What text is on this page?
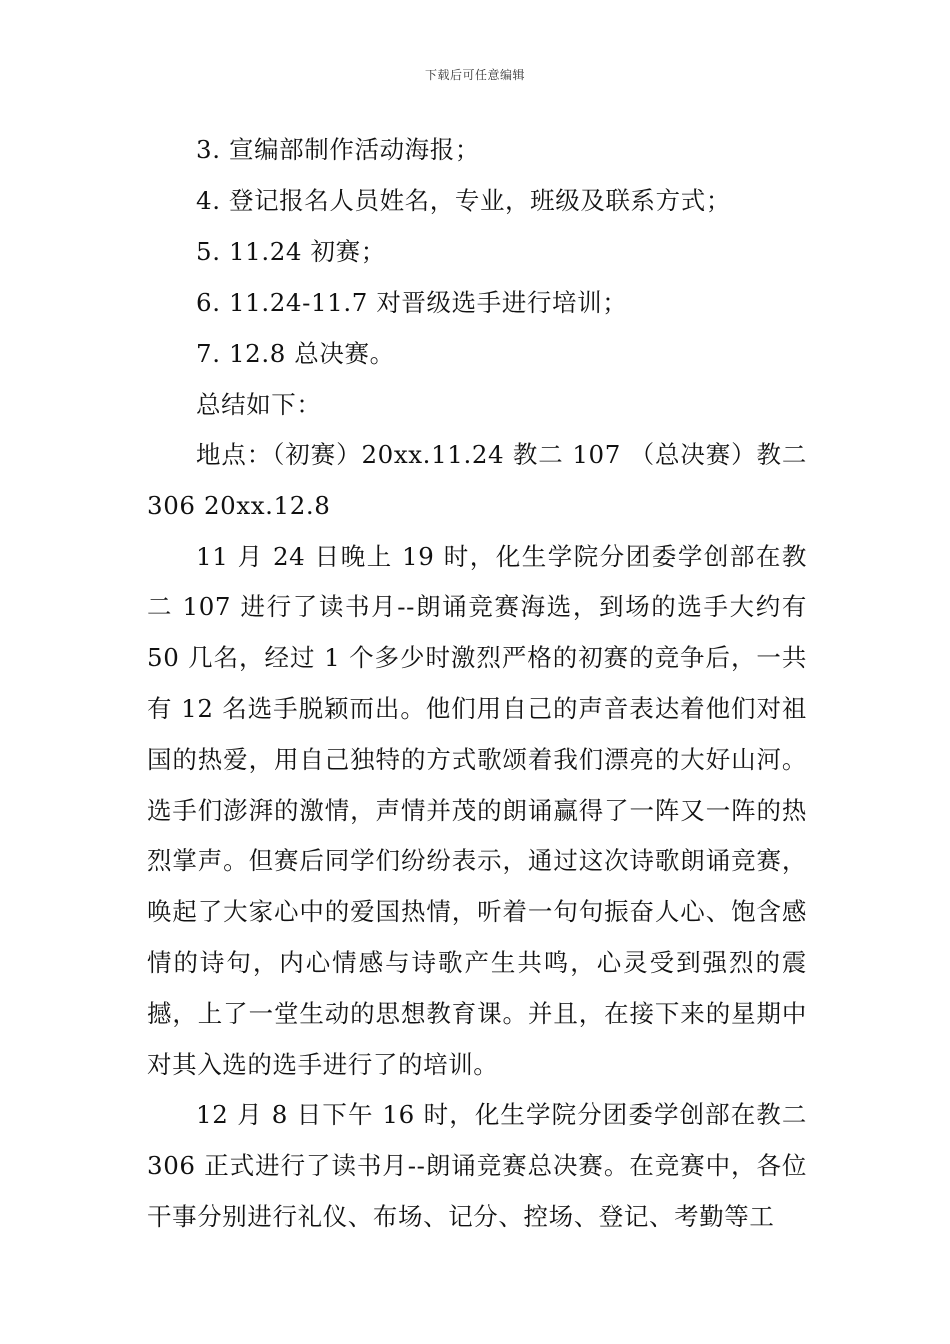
下载后可任意编辑
3. 宣编部制作活动海报；
4. 登记报名人员姓名，专业，班级及联系方式；
5. 11.24 初赛；
6. 11.24-11.7 对晋级选手进行培训；
7. 12.8 总决赛。
总结如下：

地点：（初赛）20xx.11.24 教二 107 （总决赛）教二 306 20xx.12.8

11 月 24 日晚上 19 时，化生学院分团委学创部在教二 107 进行了读书月--朗诵竞赛海选，到场的选手大约有 50 几名，经过 1 个多少时激烈严格的初赛的竞争后，一共有 12 名选手脱颖而出。他们用自己的声音表达着他们对祖国的热爱，用自己独特的方式歌颂着我们漂亮的大好山河。选手们澎湃的激情，声情并茂的朗诵赢得了一阵又一阵的热烈掌声。但赛后同学们纷纷表示，通过这次诗歌朗诵竞赛，唤起了大家心中的爱国热情，听着一句句振奋人心、饱含感情的诗句，内心情感与诗歌产生共鸣，心灵受到强烈的震撼，上了一堂生动的思想教育课。并且，在接下来的星期中对其入选的选手进行了的培训。

12 月 8 日下午 16 时，化生学院分团委学创部在教二 306 正式进行了读书月--朗诵竞赛总决赛。在竞赛中，各位干事分别进行礼仪、布场、记分、控场、登记、考勤等工
